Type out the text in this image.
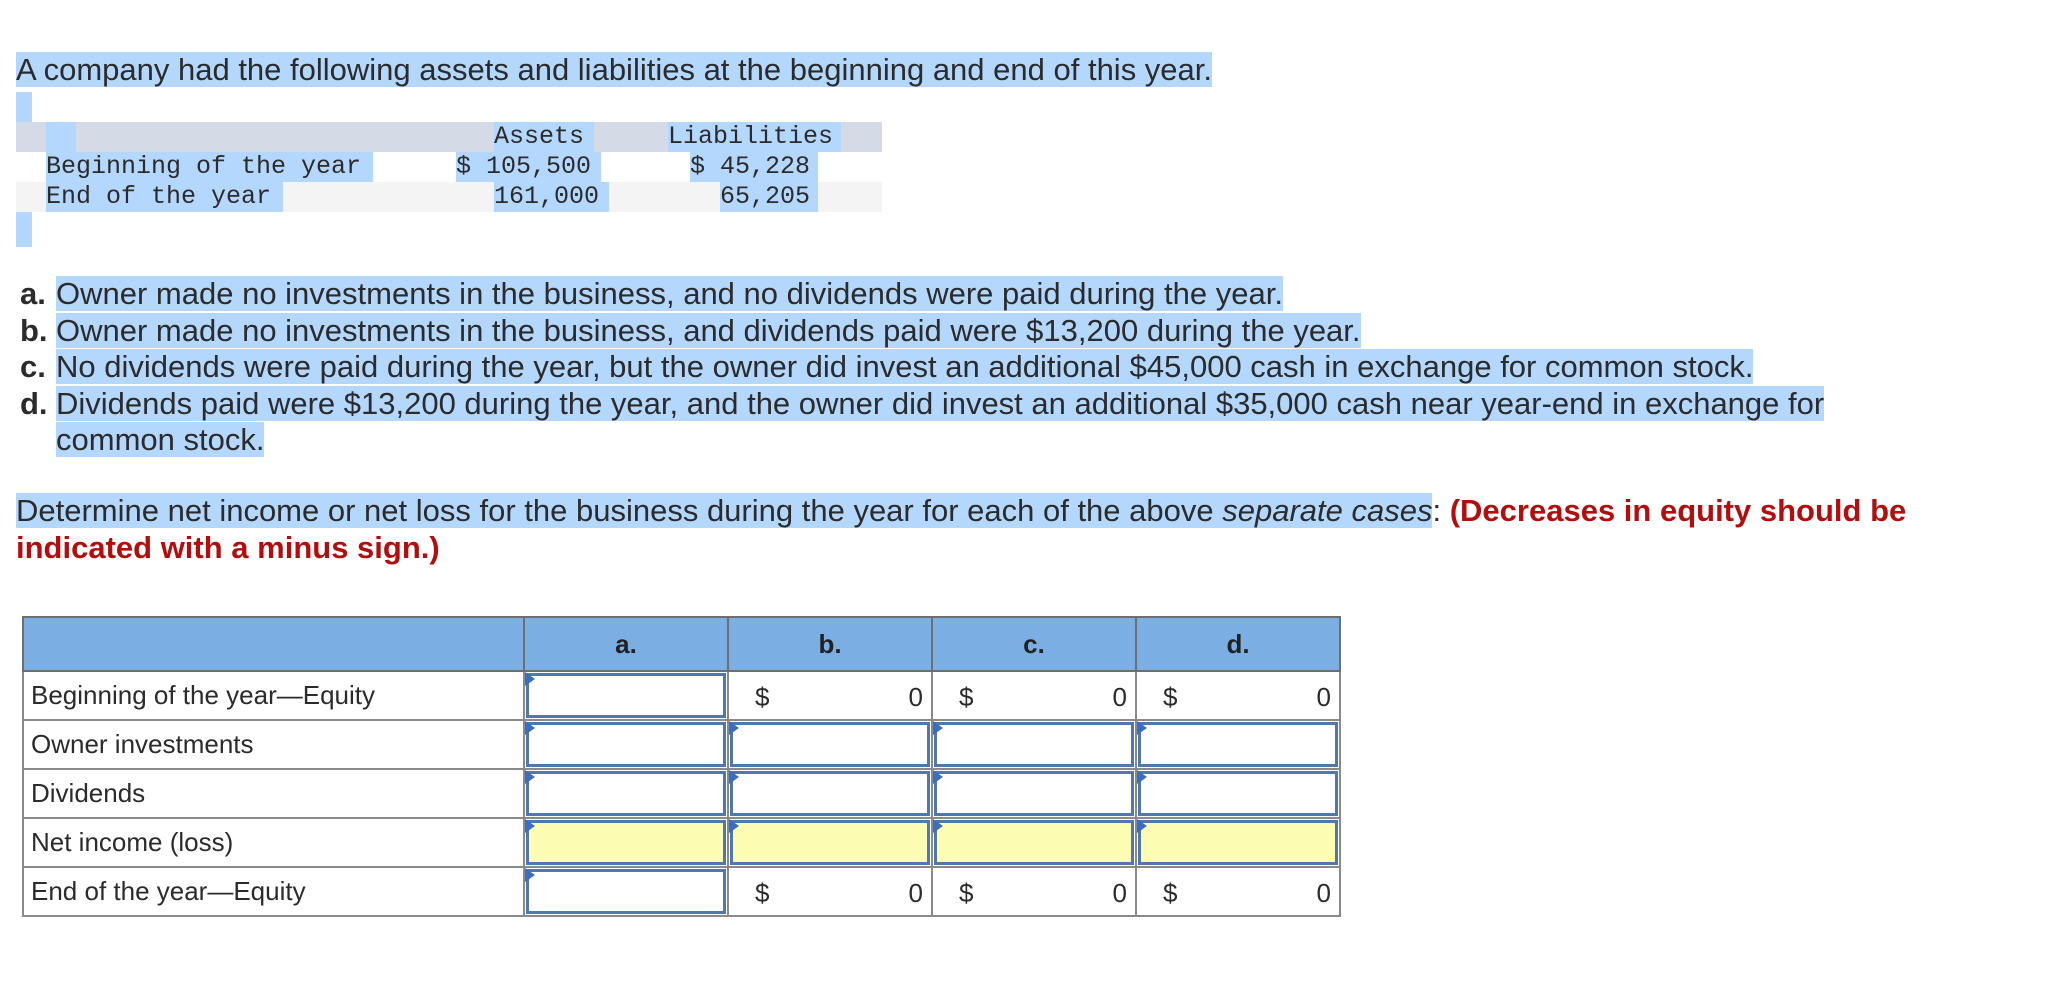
A company had the following assets and liabilities at the beginning and end of this year.
Assets	Liabilities
Beginning of the year	$ 105,500	$ 45,228
End of the year	161,000	65,205
a. Owner made no investments in the business, and no dividends were paid during the year.
b. Owner made no investments in the business, and dividends paid were $13,200 during the year.
c. No dividends were paid during the year, but the owner did invest an additional $45,000 cash in exchange for common stock.
d. Dividends paid were $13,200 during the year, and the owner did invest an additional $35,000 cash near year-end in exchange for common stock.
Determine net income or net loss for the business during the year for each of the above separate cases: (Decreases in equity should be indicated with a minus sign.)
	a.	b.	c.	d.
Beginning of the year—Equity		$ 0	$ 0	$ 0

Owner investments	

Dividends	

Net income (loss)	

End of the year—Equity		$ 0	$ 0	$ 0
